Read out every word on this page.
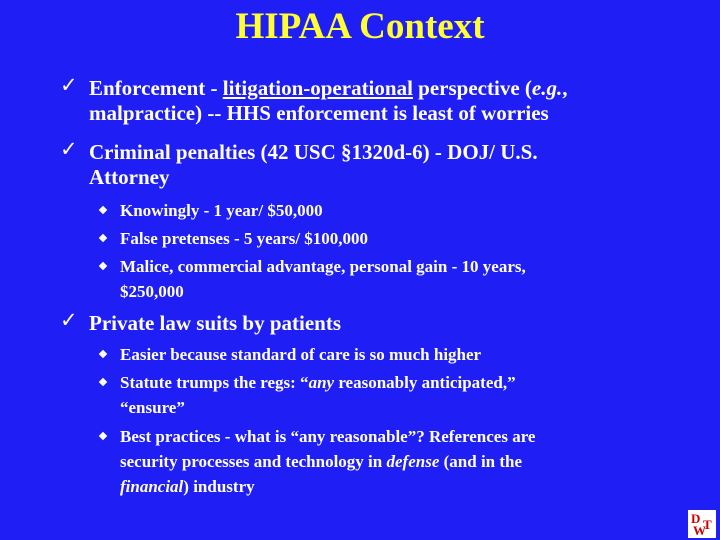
HIPAA Context
✓ Enforcement - litigation-operational perspective (e.g.,
malpractice) -- HHS enforcement is least of worries
✓ Criminal penalties (42 USC §1320d-6) - DOJ/ U.S.
Attorney
Knowingly - 1 year/ $50,000
False pretenses - 5 years/ $100,000
Malice, commercial advantage, personal gain - 10 years,
$250,000
✓ Private law suits by patients
Easier because standard of care is so much higher
Statute trumps the regs: “any reasonably anticipated,”
“ensure”
Best practices - what is “any reasonable”? References are
security processes and technology in defense (and in the
financial) industry
D T
W
